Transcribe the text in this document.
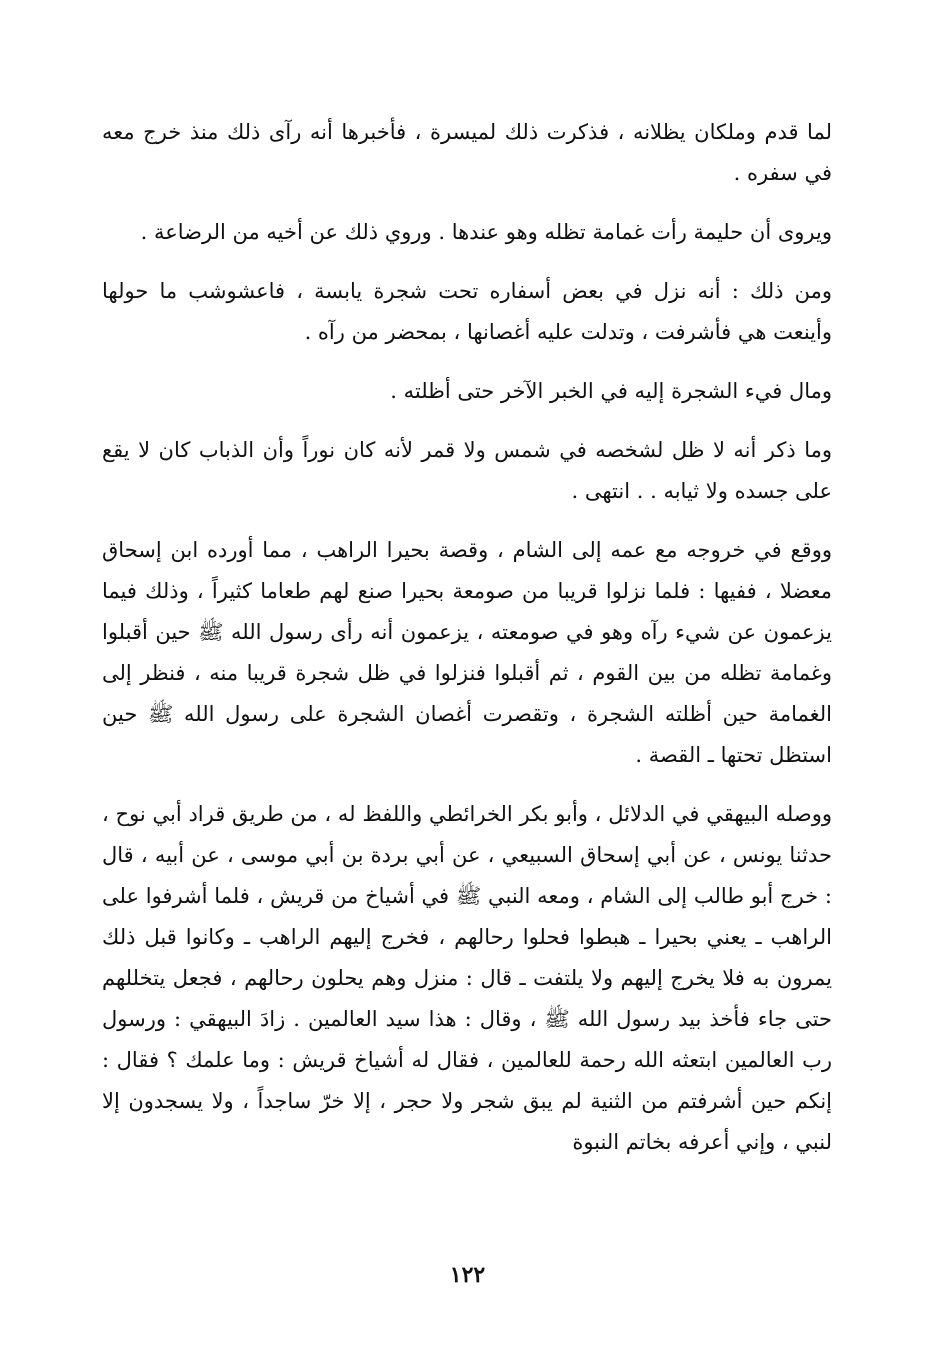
لما قدم وملكان يظلانه ، فذكرت ذلك لميسرة ، فأخبرها أنه رآى ذلك منذ خرج معه في سفره .

ويروى أن حليمة رأت غمامة تظله وهو عندها . وروي ذلك عن أخيه من الرضاعة .

ومن ذلك : أنه نزل في بعض أسفاره تحت شجرة يابسة ، فاعشوشب ما حولها وأينعت هي فأشرفت ، وتدلت عليه أغصانها ، بمحضر من رآه .

ومال فيء الشجرة إليه في الخبر الآخر حتى أظلته .

وما ذكر أنه لا ظل لشخصه في شمس ولا قمر لأنه كان نوراً وأن الذباب كان لا يقع على جسده ولا ثيابه . . انتهى .

ووقع في خروجه مع عمه إلى الشام ، وقصة بحيرا الراهب ، مما أورده ابن إسحاق معضلا ، ففيها : فلما نزلوا قريبا من صومعة بحيرا صنع لهم طعاما كثيراً ، وذلك فيما يزعمون عن شيء رآه وهو في صومعته ، يزعمون أنه رأى رسول الله ﷺ حين أقبلوا وغمامة تظله من بين القوم ، ثم أقبلوا فنزلوا في ظل شجرة قريبا منه ، فنظر إلى الغمامة حين أظلته الشجرة ، وتقصرت أغصان الشجرة على رسول الله ﷺ حين استظل تحتها ـ القصة .

ووصله البيهقي في الدلائل ، وأبو بكر الخرائطي واللفظ له ، من طريق قراد أبي نوح ، حدثنا يونس ، عن أبي إسحاق السبيعي ، عن أبي بردة بن أبي موسى ، عن أبيه ، قال : خرج أبو طالب إلى الشام ، ومعه النبي ﷺ في أشياخ من قريش ، فلما أشرفوا على الراهب ـ يعني بحيرا ـ هبطوا فحلوا رحالهم ، فخرج إليهم الراهب ـ وكانوا قبل ذلك يمرون به فلا يخرج إليهم ولا يلتفت ـ قال : منزل وهم يحلون رحالهم ، فجعل يتخللهم حتى جاء فأخذ بيد رسول الله ﷺ ، وقال : هذا سيد العالمين . زادَ البيهقي : ورسول رب العالمين ابتعثه الله رحمة للعالمين ، فقال له أشياخ قريش : وما علمك ؟ فقال : إنكم حين أشرفتم من الثنية لم يبق شجر ولا حجر ، إلا خرّ ساجداً ، ولا يسجدون إلا لنبي ، وإني أعرفه بخاتم النبوة

١٢٢
